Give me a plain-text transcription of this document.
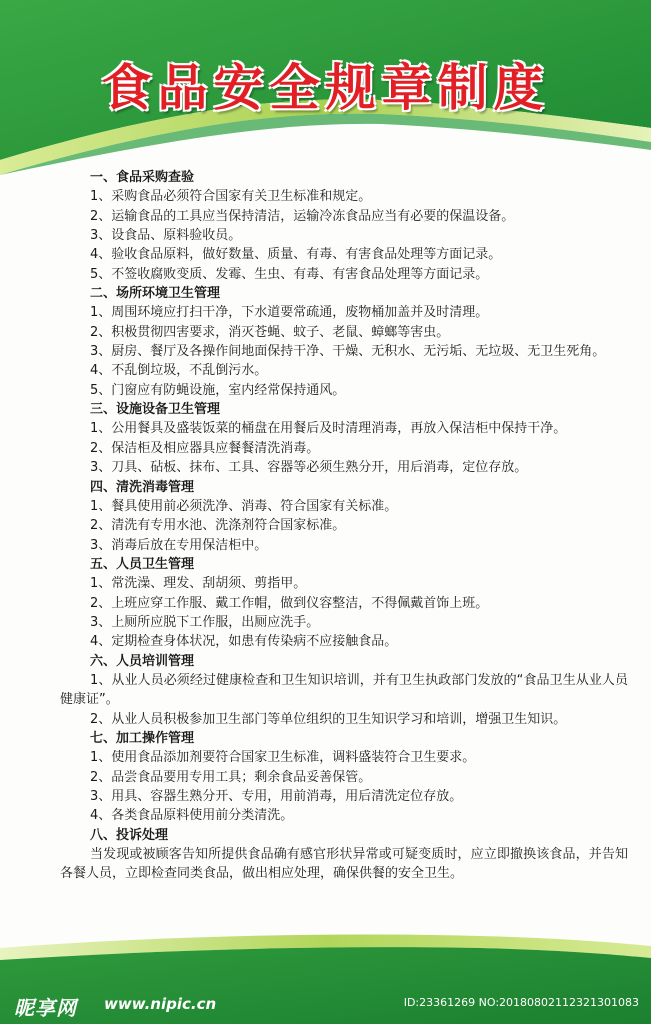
食品安全规章制度
一、食品采购查验
1、采购食品必须符合国家有关卫生标准和规定。
2、运输食品的工具应当保持清洁，运输冷冻食品应当有必要的保温设备。
3、设食品、原料验收员。
4、验收食品原料，做好数量、质量、有毒、有害食品处理等方面记录。
5、不签收腐败变质、发霉、生虫、有毒、有害食品处理等方面记录。
二、场所环境卫生管理
1、周围环境应打扫干净，下水道要常疏通，废物桶加盖并及时清理。
2、积极贯彻四害要求，消灭苍蝇、蚊子、老鼠、蟑螂等害虫。
3、厨房、餐厅及各操作间地面保持干净、干燥、无积水、无污垢、无垃圾、无卫生死角。
4、不乱倒垃圾，不乱倒污水。
5、门窗应有防蝇设施，室内经常保持通风。
三、设施设备卫生管理
1、公用餐具及盛装饭菜的桶盘在用餐后及时清理消毒，再放入保洁柜中保持干净。
2、保洁柜及相应器具应餐餐清洗消毒。
3、刀具、砧板、抹布、工具、容器等必须生熟分开，用后消毒，定位存放。
四、清洗消毒管理
1、餐具使用前必须洗净、消毒、符合国家有关标准。
2、清洗有专用水池、洗涤剂符合国家标准。
3、消毒后放在专用保洁柜中。
五、人员卫生管理
1、常洗澡、理发、刮胡须、剪指甲。
2、上班应穿工作服、戴工作帽，做到仪容整洁，不得佩戴首饰上班。
3、上厕所应脱下工作服，出厕应洗手。
4、定期检查身体状况，如患有传染病不应接触食品。
六、人员培训管理
1、从业人员必须经过健康检查和卫生知识培训，并有卫生执政部门发放的“食品卫生从业人员健康证”。
2、从业人员积极参加卫生部门等单位组织的卫生知识学习和培训，增强卫生知识。
七、加工操作管理
1、使用食品添加剂要符合国家卫生标准，调料盛装符合卫生要求。
2、品尝食品要用专用工具；剩余食品妥善保管。
3、用具、容器生熟分开、专用，用前消毒，用后清洗定位存放。
4、各类食品原料使用前分类清洗。
八、投诉处理
当发现或被顾客告知所提供食品确有感官形状异常或可疑变质时，应立即撤换该食品，并告知各餐人员，立即检查同类食品，做出相应处理，确保供餐的安全卫生。
昵享网 www.nipic.cn	ID:23361269 NO:20180802112321301083
